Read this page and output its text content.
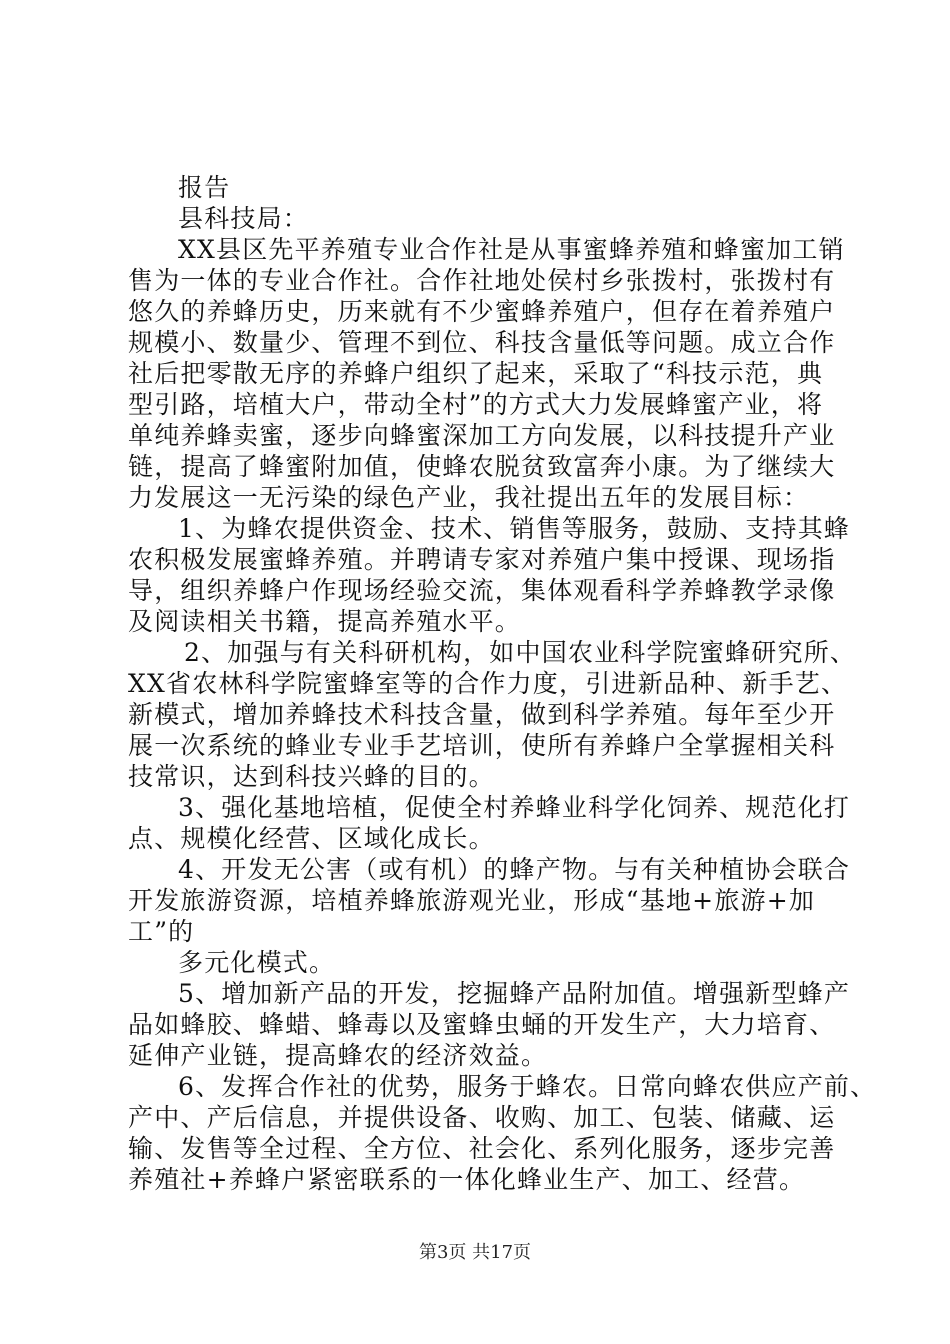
报告
县科技局：
XX县区先平养殖专业合作社是从事蜜蜂养殖和蜂蜜加工销
售为一体的专业合作社。合作社地处侯村乡张拨村，张拨村有
悠久的养蜂历史，历来就有不少蜜蜂养殖户，但存在着养殖户
规模小、数量少、管理不到位、科技含量低等问题。成立合作
社后把零散无序的养蜂户组织了起来，采取了“科技示范，典
型引路，培植大户，带动全村”的方式大力发展蜂蜜产业，将
单纯养蜂卖蜜，逐步向蜂蜜深加工方向发展，以科技提升产业
链，提高了蜂蜜附加值，使蜂农脱贫致富奔小康。为了继续大
力发展这一无污染的绿色产业，我社提出五年的发展目标：
1、为蜂农提供资金、技术、销售等服务，鼓励、支持其蜂
农积极发展蜜蜂养殖。并聘请专家对养殖户集中授课、现场指
导，组织养蜂户作现场经验交流，集体观看科学养蜂教学录像
及阅读相关书籍，提高养殖水平。
2、加强与有关科研机构，如中国农业科学院蜜蜂研究所、
XX省农林科学院蜜蜂室等的合作力度，引进新品种、新手艺、
新模式，增加养蜂技术科技含量，做到科学养殖。每年至少开
展一次系统的蜂业专业手艺培训，使所有养蜂户全掌握相关科
技常识，达到科技兴蜂的目的。
3、强化基地培植，促使全村养蜂业科学化饲养、规范化打
点、规模化经营、区域化成长。
4、开发无公害（或有机）的蜂产物。与有关种植协会联合
开发旅游资源，培植养蜂旅游观光业，形成“基地+旅游+加
工”的
多元化模式。
5、增加新产品的开发，挖掘蜂产品附加值。增强新型蜂产
品如蜂胶、蜂蜡、蜂毒以及蜜蜂虫蛹的开发生产，大力培育、
延伸产业链，提高蜂农的经济效益。
6、发挥合作社的优势，服务于蜂农。日常向蜂农供应产前、
产中、产后信息，并提供设备、收购、加工、包装、储藏、运
输、发售等全过程、全方位、社会化、系列化服务，逐步完善
养殖社+养蜂户紧密联系的一体化蜂业生产、加工、经营。
第3页 共17页
